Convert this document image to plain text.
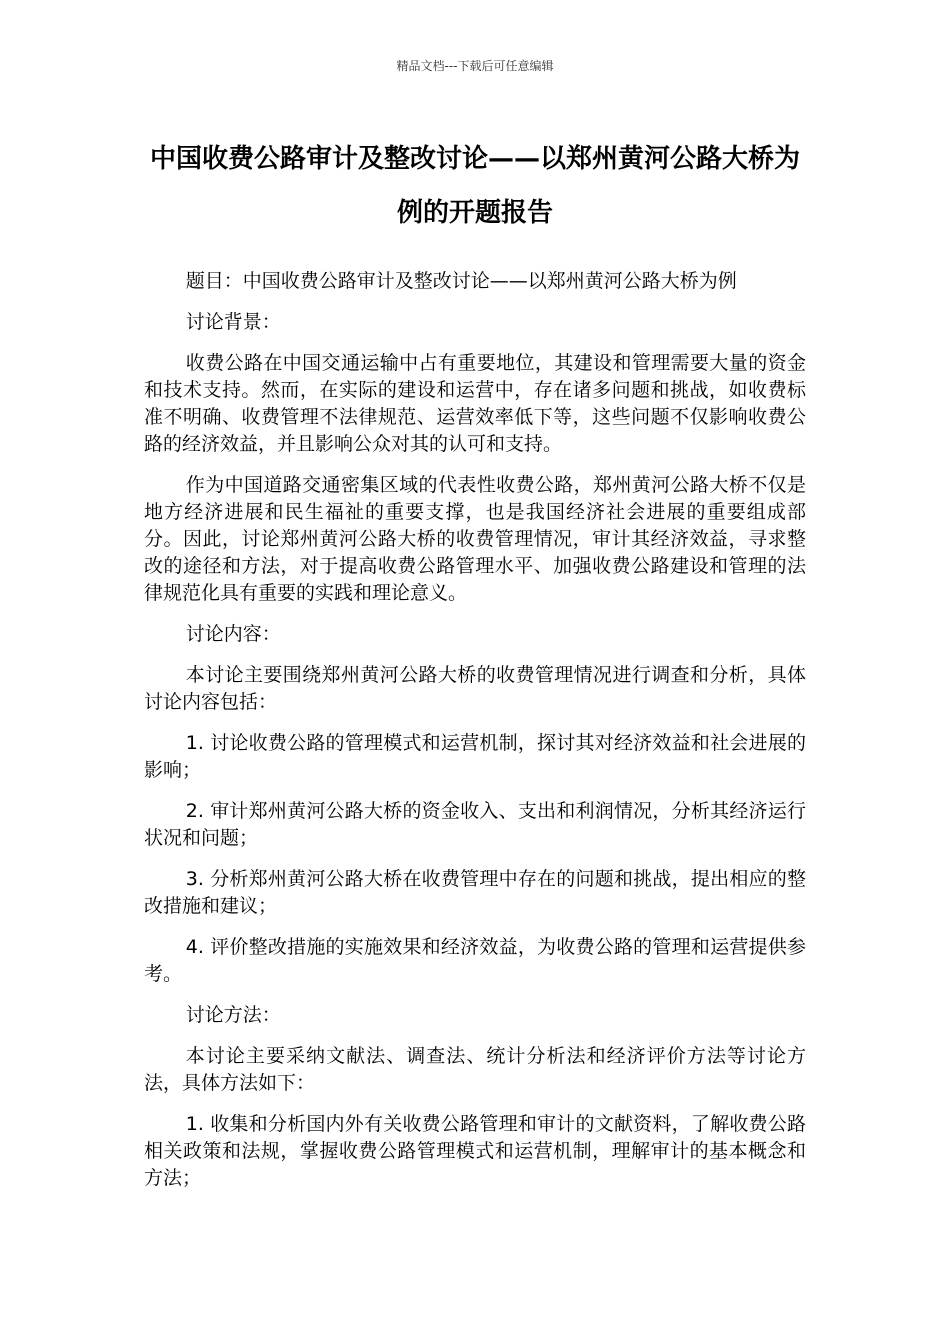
精品文档---下载后可任意编辑
中国收费公路审计及整改讨论——以郑州黄河公路大桥为例的开题报告

题目：中国收费公路审计及整改讨论——以郑州黄河公路大桥为例

讨论背景：

收费公路在中国交通运输中占有重要地位，其建设和管理需要大量的资金和技术支持。然而，在实际的建设和运营中，存在诸多问题和挑战，如收费标准不明确、收费管理不法律规范、运营效率低下等，这些问题不仅影响收费公路的经济效益，并且影响公众对其的认可和支持。

作为中国道路交通密集区域的代表性收费公路，郑州黄河公路大桥不仅是地方经济进展和民生福祉的重要支撑，也是我国经济社会进展的重要组成部分。因此，讨论郑州黄河公路大桥的收费管理情况，审计其经济效益，寻求整改的途径和方法，对于提高收费公路管理水平、加强收费公路建设和管理的法律规范化具有重要的实践和理论意义。

讨论内容：

本讨论主要围绕郑州黄河公路大桥的收费管理情况进行调查和分析，具体讨论内容包括：

1. 讨论收费公路的管理模式和运营机制，探讨其对经济效益和社会进展的影响；

2. 审计郑州黄河公路大桥的资金收入、支出和利润情况，分析其经济运行状况和问题；

3. 分析郑州黄河公路大桥在收费管理中存在的问题和挑战，提出相应的整改措施和建议；

4. 评价整改措施的实施效果和经济效益，为收费公路的管理和运营提供参考。

讨论方法：

本讨论主要采纳文献法、调查法、统计分析法和经济评价方法等讨论方法，具体方法如下：

1. 收集和分析国内外有关收费公路管理和审计的文献资料，了解收费公路相关政策和法规，掌握收费公路管理模式和运营机制，理解审计的基本概念和方法；
